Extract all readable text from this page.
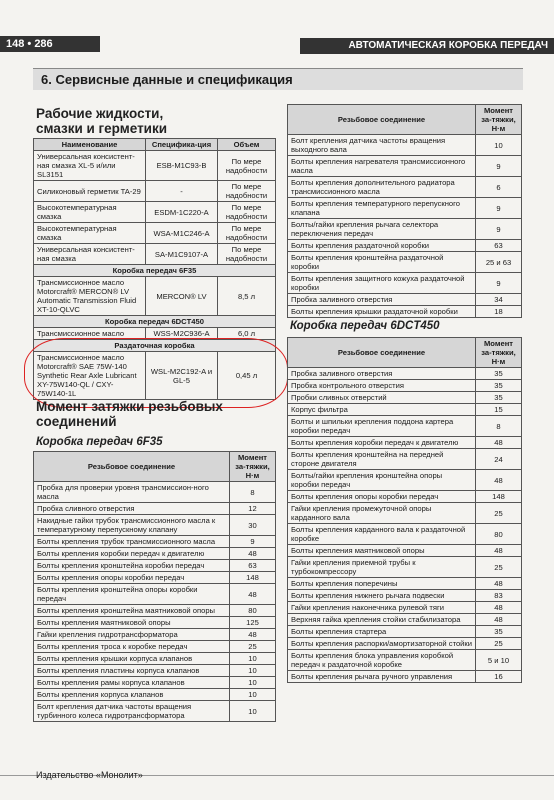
148 • 286	АВТОМАТИЧЕСКАЯ КОРОБКА ПЕРЕДАЧ
6. Сервисные данные и спецификация
Рабочие жидкости,
смазки и герметики
Наименование	Специфика-ция	Объем
Универсальная консистент-ная смазка XL-5 и/или SL3151	ESB-M1C93-B	По мере надобности
Силиконовый герметик TA-29	-	По мере надобности
Высокотемпературная смазка	ESDM-1C220-A	По мере надобности
Высокотемпературная смазка	WSA-M1C246-A	По мере надобности
Универсальная консистент-ная смазка	SA-M1C9107-A	По мере надобности
Коробка передач 6F35		
Трансмиссионное масло Motorcraft® MERCON® LV Automatic Transmission Fluid XT-10-QLVC	MERCON® LV	8,5 л
Коробка передач 6DCT450		
Трансмиссионное масло	WSS-M2C936-A	6,0 л
Раздаточная коробка		
Трансмиссионное масло Motorcraft® SAE 75W-140 Synthetic Rear Axle Lubricant XY-75W140-QL / CXY-75W140-1L	WSL-M2C192-A и GL-5	0,45 л
Момент затяжки резьбовых
соединений
Коробка передач 6F35
Резьбовое соединение	Момент за-тяжки, Н·м
Пробка для проверки уровня трансмиссион-ного масла	8
Пробка сливного отверстия	12
Накидные гайки трубок трансмиссионного масла к температурному перепускному клапану	30
Болты крепления трубок трансмиссионного масла	9
Болты крепления коробки передач к двигателю	48
Болты крепления кронштейна коробки передач	63
Болты крепления опоры коробки передач	148
Болты крепления кронштейна опоры коробки передач	48
Болты крепления кронштейна маятниковой опоры	80
Болты крепления маятниковой опоры	125
Гайки крепления гидротрансформатора	48
Болты крепления троса к коробке передач	25
Болты крепления крышки корпуса клапанов	10
Болты крепления пластины корпуса клапанов	10
Болты крепления рамы корпуса клапанов	10
Болты крепления корпуса клапанов	10
Болт крепления датчика частоты вращения турбинного колеса гидротрансформатора	10
Резьбовое соединение	Момент за-тяжки, Н·м
Болт крепления датчика частоты вращения выходного вала	10
Болты крепления нагревателя трансмиссионного масла	9
Болты крепления дополнительного радиатора трансмиссионного масла	6
Болты крепления температурного перепускного клапана	9
Болты/гайки крепления рычага селектора переключения передач	9
Болты крепления раздаточной коробки	63
Болты крепления кронштейна раздаточной коробки	25 и 63
Болты крепления защитного кожуха раздаточной коробки	9
Пробка заливного отверстия	34
Болты крепления крышки раздаточной коробки	18
Коробка передач 6DCT450
Резьбовое соединение	Момент за-тяжки, Н·м
Пробка заливного отверстия	35
Пробка контрольного отверстия	35
Пробки сливных отверстий	35
Корпус фильтра	15
Болты и шпильки крепления поддона картера коробки передач	8
Болты крепления коробки передач к двигателю	48
Болты крепления кронштейна на передней стороне двигателя	24
Болты/гайки крепления кронштейна опоры коробки передач	48
Болты крепления опоры коробки передач	148
Гайки крепления промежуточной опоры карданного вала	25
Болты крепления карданного вала к раздаточной коробке	80
Болты крепления маятниковой опоры	48
Гайки крепления приемной трубы к турбокомпрессору	25
Болты крепления поперечины	48
Болты крепления нижнего рычага подвески	83
Гайки крепления наконечника рулевой тяги	48
Верхняя гайка крепления стойки стабилизатора	48
Болты крепления стартера	35
Болты крепления распорки/амортизаторной стойки	25
Болты крепления блока управления коробкой передач к раздаточной коробке	5 и 10
Болты крепления рычага ручного управления	16
Издательство «Монолит»
